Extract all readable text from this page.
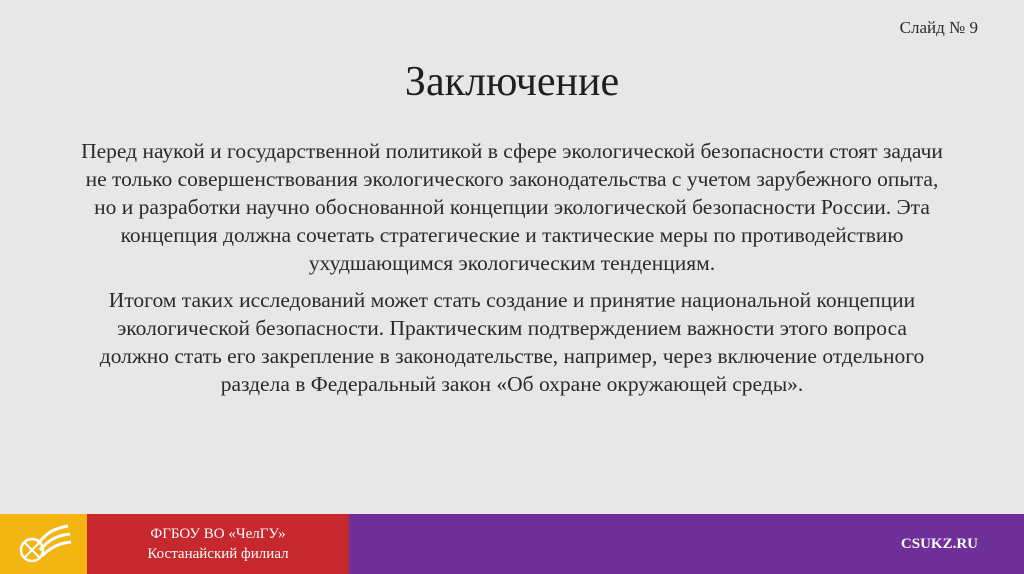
Слайд № 9
Заключение

Перед наукой и государственной политикой в сфере экологической безопасности стоят задачи не только совершенствования экологического законодательства с учетом зарубежного опыта, но и разработки научно обоснованной концепции экологической безопасности России. Эта концепция должна сочетать стратегические и тактические меры по противодействию ухудшающимся экологическим тенденциям.

Итогом таких исследований может стать создание и принятие национальной концепции экологической безопасности. Практическим подтверждением важности этого вопроса должно стать его закрепление в законодательстве, например, через включение отдельного раздела в Федеральный закон «Об охране окружающей среды».

ФГБОУ ВО «ЧелГУ»
Костанайский филиал
CSUKZ.RU
